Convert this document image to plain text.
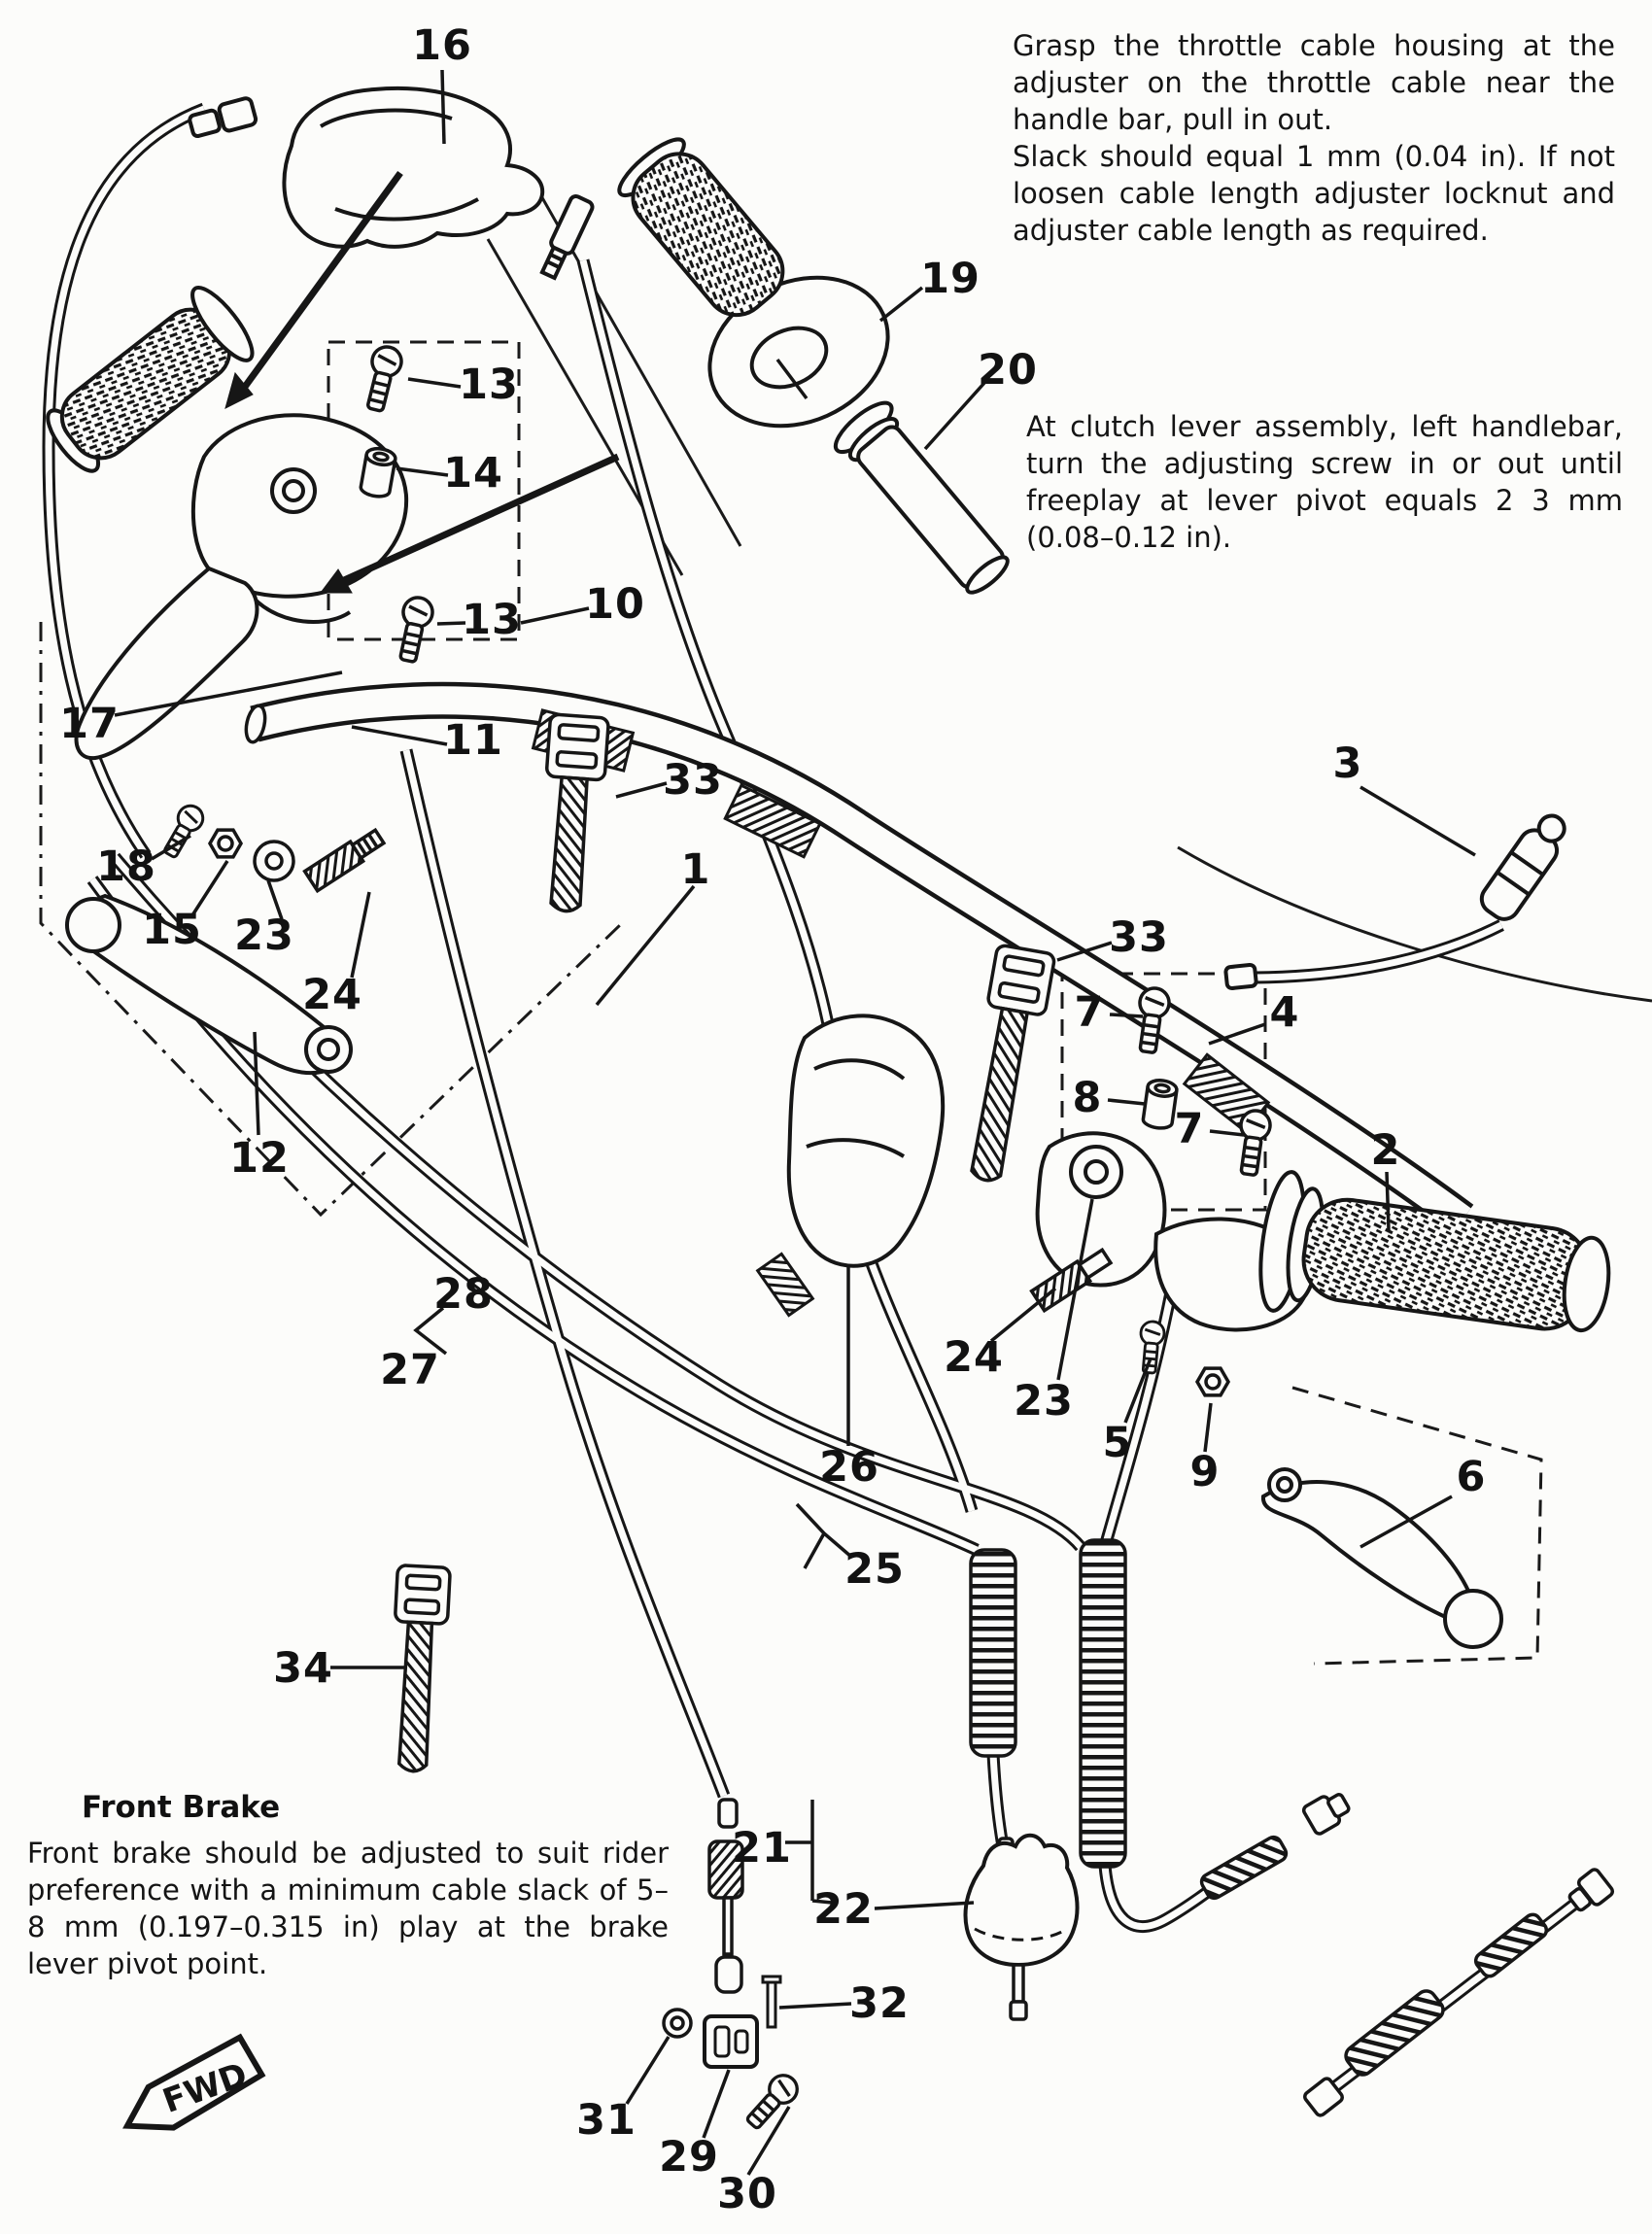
FWD

Grasp the throttle cable housing at the adjuster on the throttle cable near the handle bar, pull in out.

Slack should equal 1 mm (0.04 in). If not loosen cable length adjuster locknut and adjuster cable length as required.

At clutch lever assembly, left handlebar, turn the adjusting screw in or out until freeplay at lever pivot equals 2 3 mm (0.08–0.12 in).

Front Brake

Front brake should be adjusted to suit rider preference with a minimum cable slack of 5–8 mm (0.197–0.315 in) play at the brake lever pivot point.

16
13
14
13 10
19
20
17	11
33	3
18
15 23
24
1
33
7	4
8
7	2
12
28
27	24
23
26	5
9	6
25
34
21
22
32
31
29
30
